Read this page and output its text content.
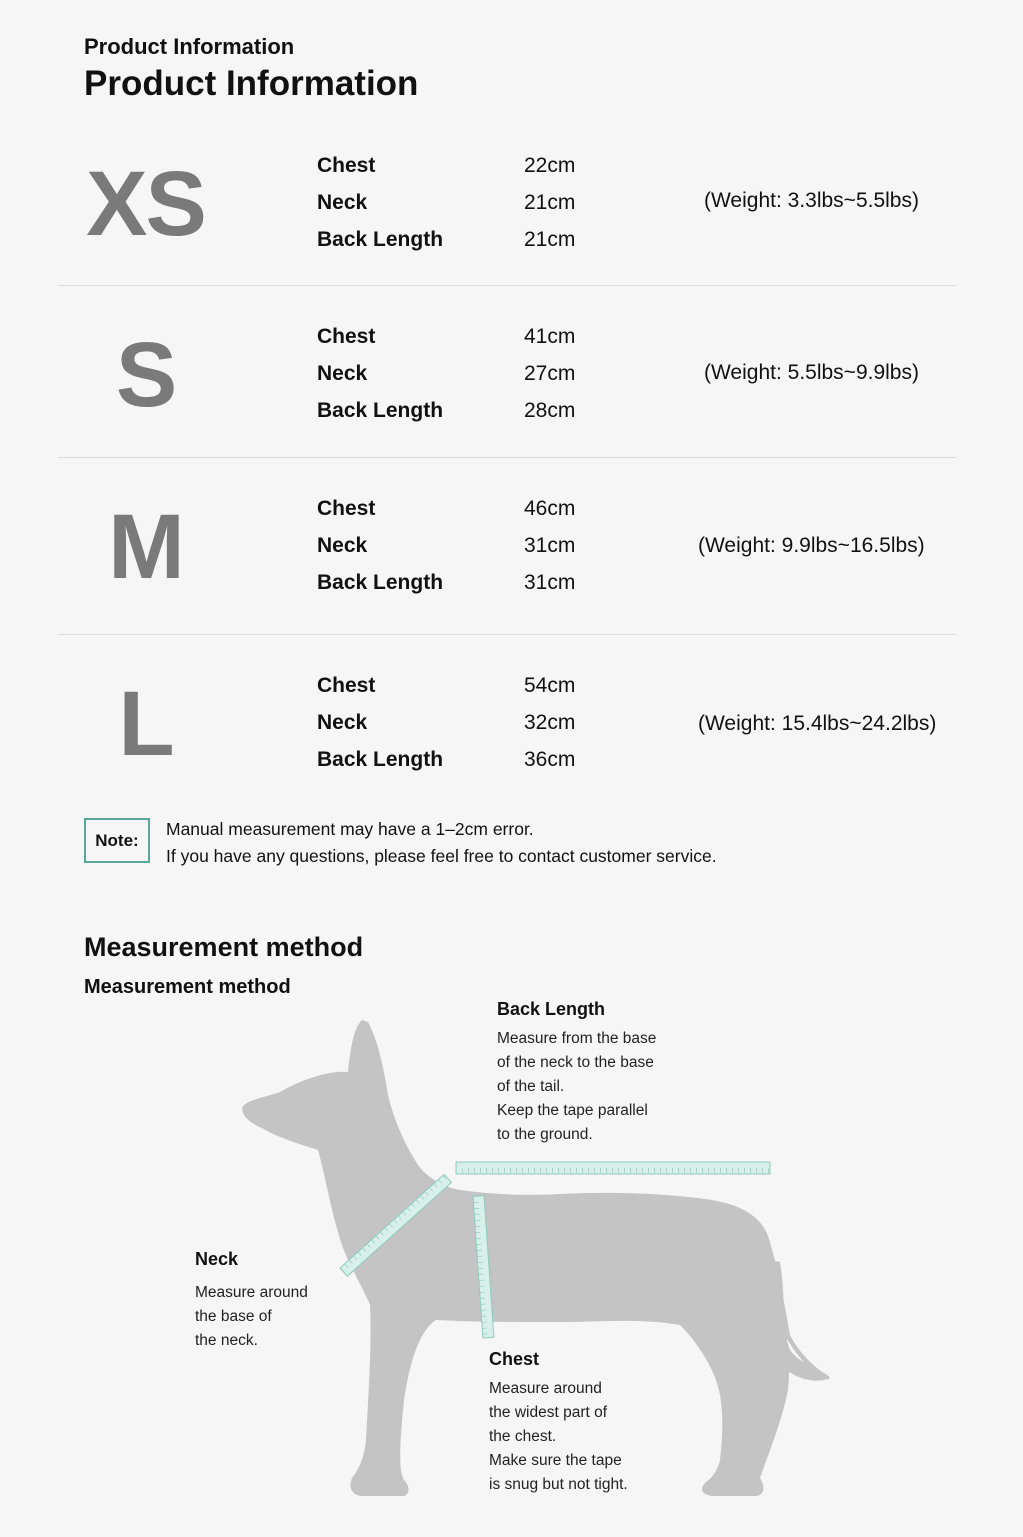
Product Information
Product Information
XS	Chest	22cm
Neck	21cm
Back Length	21cm
(Weight: 3.3lbs~5.5lbs)
S	Chest	41cm
Neck	27cm
Back Length	28cm
(Weight: 5.5lbs~9.9lbs)
M	Chest	46cm
Neck	31cm
Back Length	31cm
(Weight: 9.9lbs~16.5lbs)
L	Chest	54cm
Neck	32cm
Back Length	36cm
(Weight: 15.4lbs~24.2lbs)
Note:
Manual measurement may have a 1–2cm error.
If you have any questions, please feel free to contact customer service.
Measurement method
Measurement method
Back Length
Measure from the base
of the neck to the base
of the tail.
Keep the tape parallel
to the ground.
Neck
Measure around
the base of
the neck.
Chest
Measure around
the widest part of
the chest.
Make sure the tape
is snug but not tight.
